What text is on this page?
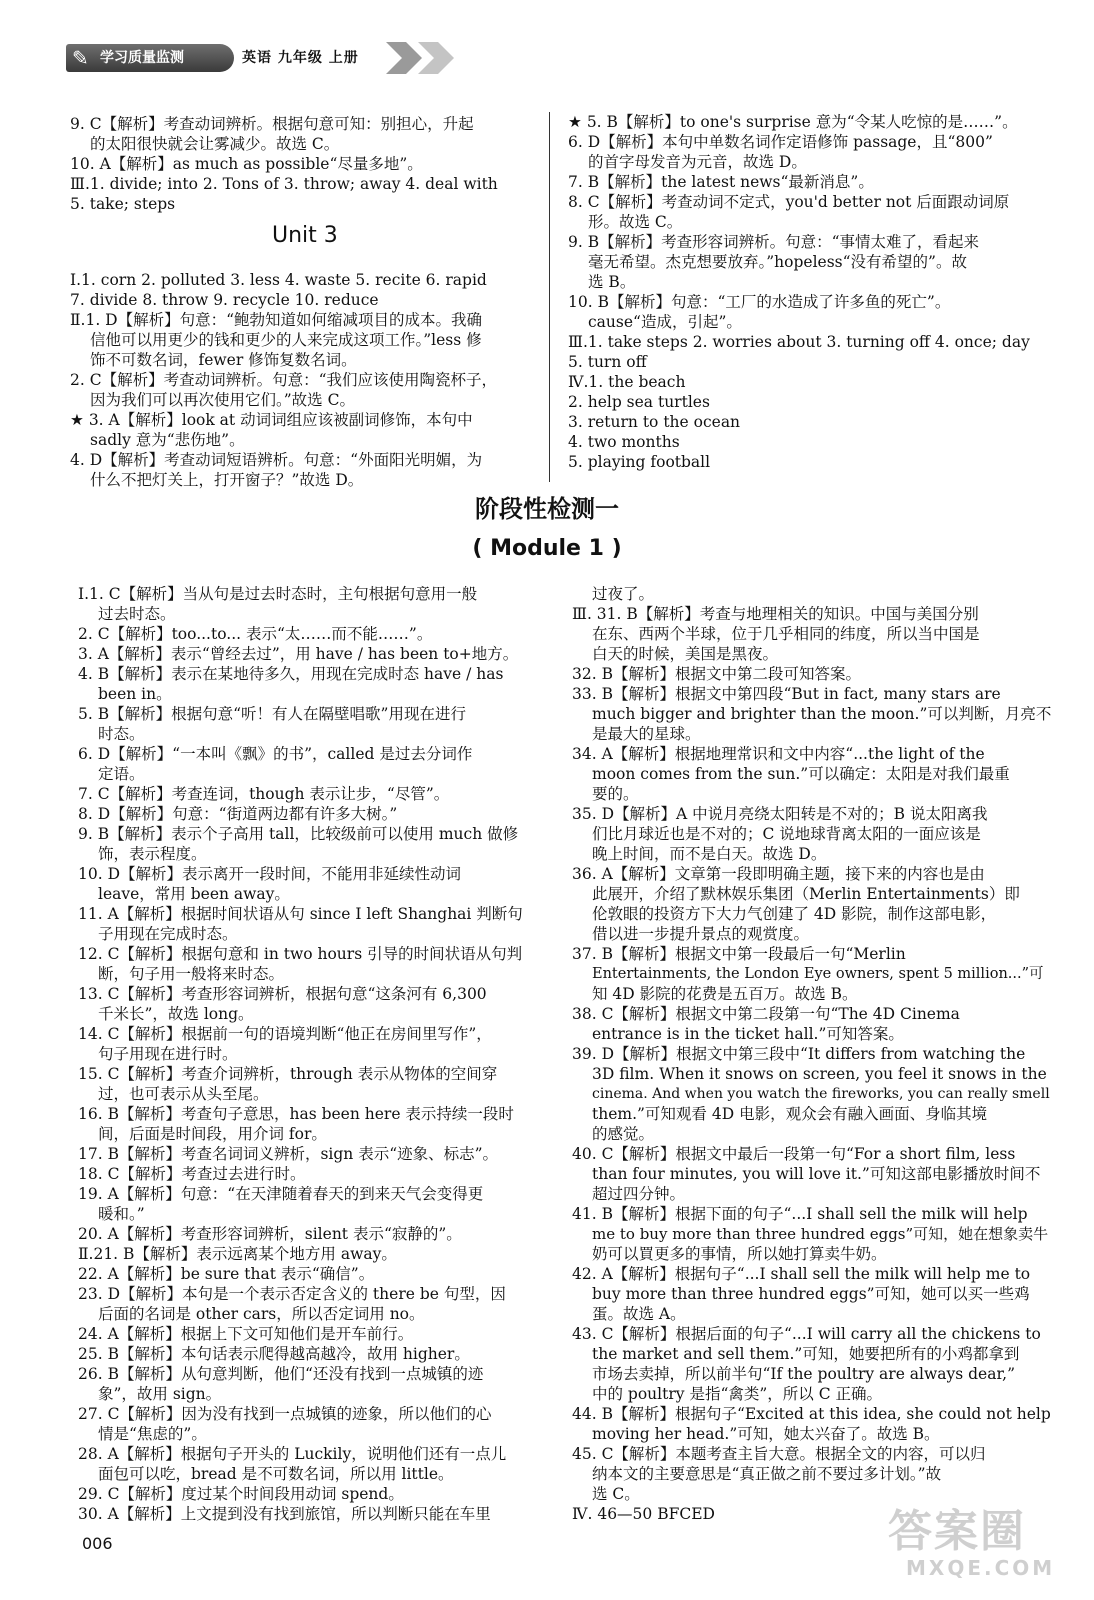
✎ 学习质量监测	英语 九年级 上册
9. C【解析】考查动词辨析。根据句意可知：别担心，升起
的太阳很快就会让雾减少。故选 C。
10. A【解析】as much as possible“尽量多地”。
Ⅲ.1. divide; into 2. Tons of 3. throw; away 4. deal with
5. take; steps
Unit 3
Ⅰ.1. corn 2. polluted 3. less 4. waste 5. recite 6. rapid
7. divide 8. throw 9. recycle 10. reduce
Ⅱ.1. D【解析】句意：“鲍勃知道如何缩减项目的成本。我确
信他可以用更少的钱和更少的人来完成这项工作。”less 修
饰不可数名词，fewer 修饰复数名词。
2. C【解析】考查动词辨析。句意：“我们应该使用陶瓷杯子，
因为我们可以再次使用它们。”故选 C。
★ 3. A【解析】look at 动词词组应该被副词修饰，本句中
sadly 意为“悲伤地”。
4. D【解析】考查动词短语辨析。句意：“外面阳光明媚，为
什么不把灯关上，打开窗子？”故选 D。
★ 5. B【解析】to one's surprise 意为“令某人吃惊的是……”。
6. D【解析】本句中单数名词作定语修饰 passage，且“800”
的首字母发音为元音，故选 D。
7. B【解析】the latest news“最新消息”。
8. C【解析】考查动词不定式，you'd better not 后面跟动词原
形。故选 C。
9. B【解析】考查形容词辨析。句意：“事情太难了，看起来
毫无希望。杰克想要放弃。”hopeless“没有希望的”。故
选 B。
10. B【解析】句意：“工厂的水造成了许多鱼的死亡”。
cause“造成，引起”。
Ⅲ.1. take steps 2. worries about 3. turning off 4. once; day
5. turn off
Ⅳ.1. the beach
2. help sea turtles
3. return to the ocean
4. two months
5. playing football
阶段性检测一
( Module 1 )
Ⅰ.1. C【解析】当从句是过去时态时，主句根据句意用一般
过去时态。
2. C【解析】too...to... 表示“太……而不能……”。
3. A【解析】表示“曾经去过”，用 have / has been to+地方。
4. B【解析】表示在某地待多久，用现在完成时态 have / has
been in。
5. B【解析】根据句意“听！有人在隔壁唱歌”用现在进行
时态。
6. D【解析】“一本叫《飘》的书”，called 是过去分词作
定语。
7. C【解析】考查连词，though 表示让步，“尽管”。
8. D【解析】句意：“街道两边都有许多大树。”
9. B【解析】表示个子高用 tall，比较级前可以使用 much 做修
饰，表示程度。
10. D【解析】表示离开一段时间，不能用非延续性动词
leave，常用 been away。
11. A【解析】根据时间状语从句 since I left Shanghai 判断句
子用现在完成时态。
12. C【解析】根据句意和 in two hours 引导的时间状语从句判
断，句子用一般将来时态。
13. C【解析】考查形容词辨析，根据句意“这条河有 6,300
千米长”，故选 long。
14. C【解析】根据前一句的语境判断“他正在房间里写作”，
句子用现在进行时。
15. C【解析】考查介词辨析，through 表示从物体的空间穿
过，也可表示从头至尾。
16. B【解析】考查句子意思，has been here 表示持续一段时
间，后面是时间段，用介词 for。
17. B【解析】考查名词词义辨析，sign 表示“迹象、标志”。
18. C【解析】考查过去进行时。
19. A【解析】句意：“在天津随着春天的到来天气会变得更
暖和。”
20. A【解析】考查形容词辨析，silent 表示“寂静的”。
Ⅱ.21. B【解析】表示远离某个地方用 away。
22. A【解析】be sure that 表示“确信”。
23. D【解析】本句是一个表示否定含义的 there be 句型，因
后面的名词是 other cars，所以否定词用 no。
24. A【解析】根据上下文可知他们是开车前行。
25. B【解析】本句话表示爬得越高越冷，故用 higher。
26. B【解析】从句意判断，他们“还没有找到一点城镇的迹
象”，故用 sign。
27. C【解析】因为没有找到一点城镇的迹象，所以他们的心
情是“焦虑的”。
28. A【解析】根据句子开头的 Luckily，说明他们还有一点儿
面包可以吃，bread 是不可数名词，所以用 little。
29. C【解析】度过某个时间段用动词 spend。
30. A【解析】上文提到没有找到旅馆，所以判断只能在车里
过夜了。
Ⅲ. 31. B【解析】考查与地理相关的知识。中国与美国分别
在东、西两个半球，位于几乎相同的纬度，所以当中国是
白天的时候，美国是黑夜。
32. B【解析】根据文中第二段可知答案。
33. B【解析】根据文中第四段“But in fact, many stars are
much bigger and brighter than the moon.”可以判断，月亮不
是最大的星球。
34. A【解析】根据地理常识和文中内容“...the light of the
moon comes from the sun.”可以确定：太阳是对我们最重
要的。
35. D【解析】A 中说月亮绕太阳转是不对的；B 说太阳离我
们比月球近也是不对的；C 说地球背离太阳的一面应该是
晚上时间，而不是白天。故选 D。
36. A【解析】文章第一段即明确主题，接下来的内容也是由
此展开，介绍了默林娱乐集团（Merlin Entertainments）即
伦敦眼的投资方下大力气创建了 4D 影院，制作这部电影，
借以进一步提升景点的观赏度。
37. B【解析】根据文中第一段最后一句“Merlin
Entertainments, the London Eye owners, spent 5 million...”可
知 4D 影院的花费是五百万。故选 B。
38. C【解析】根据文中第二段第一句“The 4D Cinema
entrance is in the ticket hall.”可知答案。
39. D【解析】根据文中第三段中“It differs from watching the
3D film. When it snows on screen, you feel it snows in the
cinema. And when you watch the fireworks, you can really smell
them.”可知观看 4D 电影，观众会有融入画面、身临其境
的感觉。
40. C【解析】根据文中最后一段第一句“For a short film, less
than four minutes, you will love it.”可知这部电影播放时间不
超过四分钟。
41. B【解析】根据下面的句子“...I shall sell the milk will help
me to buy more than three hundred eggs”可知，她在想象卖牛
奶可以買更多的事情，所以她打算卖牛奶。
42. A【解析】根据句子“...I shall sell the milk will help me to
buy more than three hundred eggs”可知，她可以买一些鸡
蛋。故选 A。
43. C【解析】根据后面的句子“...I will carry all the chickens to
the market and sell them.”可知，她要把所有的小鸡都拿到
市场去卖掉，所以前半句“If the poultry are always dear,”
中的 poultry 是指“禽类”，所以 C 正确。
44. B【解析】根据句子“Excited at this idea, she could not help
moving her head.”可知，她太兴奋了。故选 B。
45. C【解析】本题考查主旨大意。根据全文的内容，可以归
纳本文的主要意思是“真正做之前不要过多计划。”故
选 C。
Ⅳ. 46—50 BFCED
006	答案圈
MXQE.COM
